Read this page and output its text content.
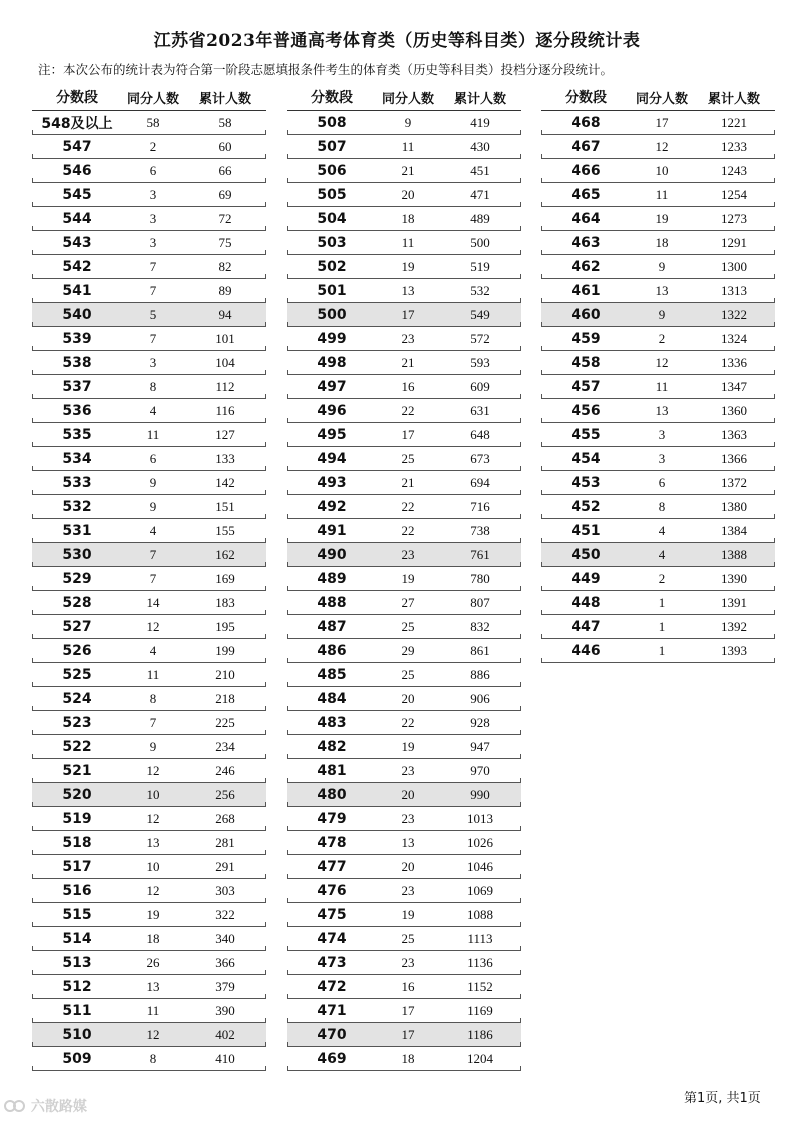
江苏省2023年普通高考体育类（历史等科目类）逐分段统计表
注：本次公布的统计表为符合第一阶段志愿填报条件考生的体育类（历史等科目类）投档分逐分段统计。
分数段	同分人数	累计人数
548及以上	58	58
547	2	60
546	6	66
545	3	69
544	3	72
543	3	75
542	7	82
541	7	89
540	5	94
539	7	101
538	3	104
537	8	112
536	4	116
535	11	127
534	6	133
533	9	142
532	9	151
531	4	155
530	7	162
529	7	169
528	14	183
527	12	195
526	4	199
525	11	210
524	8	218
523	7	225
522	9	234
521	12	246
520	10	256
519	12	268
518	13	281
517	10	291
516	12	303
515	19	322
514	18	340
513	26	366
512	13	379
511	11	390
510	12	402
509	8	410
分数段	同分人数	累计人数
508	9	419
507	11	430
506	21	451
505	20	471
504	18	489
503	11	500
502	19	519
501	13	532
500	17	549
499	23	572
498	21	593
497	16	609
496	22	631
495	17	648
494	25	673
493	21	694
492	22	716
491	22	738
490	23	761
489	19	780
488	27	807
487	25	832
486	29	861
485	25	886
484	20	906
483	22	928
482	19	947
481	23	970
480	20	990
479	23	1013
478	13	1026
477	20	1046
476	23	1069
475	19	1088
474	25	1113
473	23	1136
472	16	1152
471	17	1169
470	17	1186
469	18	1204
分数段	同分人数	累计人数
468	17	1221
467	12	1233
466	10	1243
465	11	1254
464	19	1273
463	18	1291
462	9	1300
461	13	1313
460	9	1322
459	2	1324
458	12	1336
457	11	1347
456	13	1360
455	3	1363
454	3	1366
453	6	1372
452	8	1380
451	4	1384
450	4	1388
449	2	1390
448	1	1391
447	1	1392
446	1	1393
第1页, 共1页
六散路媒
